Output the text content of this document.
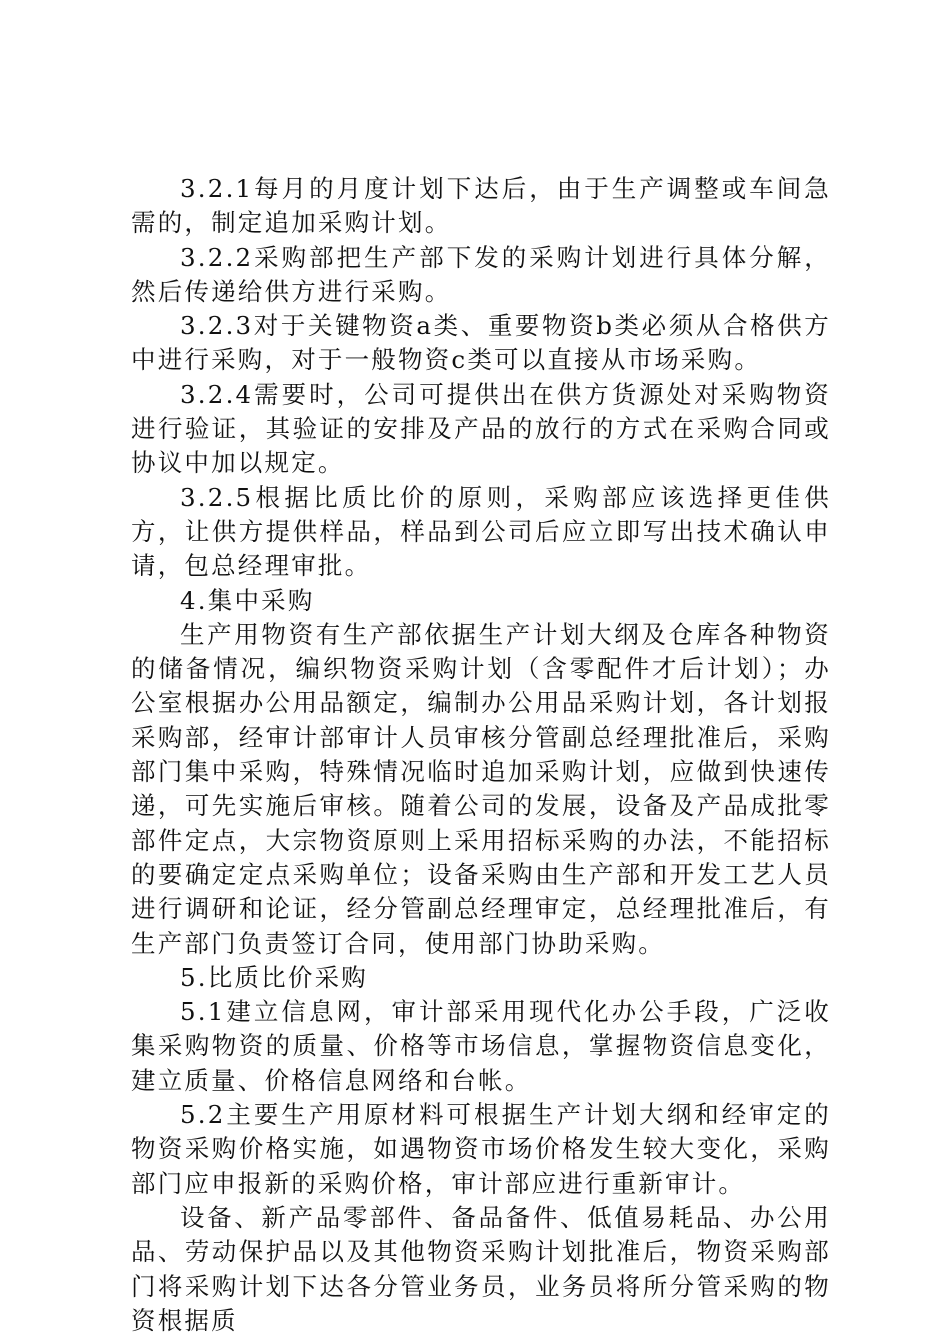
3.2.1每月的月度计划下达后，由于生产调整或车间急需的，制定追加采购计划。

3.2.2采购部把生产部下发的采购计划进行具体分解，然后传递给供方进行采购。

3.2.3对于关键物资a类、重要物资b类必须从合格供方中进行采购，对于一般物资c类可以直接从市场采购。

3.2.4需要时，公司可提供出在供方货源处对采购物资进行验证，其验证的安排及产品的放行的方式在采购合同或协议中加以规定。

3.2.5根据比质比价的原则，采购部应该选择更佳供方，让供方提供样品，样品到公司后应立即写出技术确认申请，包总经理审批。

4.集中采购

生产用物资有生产部依据生产计划大纲及仓库各种物资的储备情况，编织物资采购计划（含零配件才后计划）；办公室根据办公用品额定，编制办公用品采购计划，各计划报采购部，经审计部审计人员审核分管副总经理批准后，采购部门集中采购，特殊情况临时追加采购计划，应做到快速传递，可先实施后审核。随着公司的发展，设备及产品成批零部件定点，大宗物资原则上采用招标采购的办法，不能招标的要确定定点采购单位；设备采购由生产部和开发工艺人员进行调研和论证，经分管副总经理审定，总经理批准后，有生产部门负责签订合同，使用部门协助采购。

5.比质比价采购

5.1建立信息网，审计部采用现代化办公手段，广泛收集采购物资的质量、价格等市场信息，掌握物资信息变化，建立质量、价格信息网络和台帐。

5.2主要生产用原材料可根据生产计划大纲和经审定的物资采购价格实施，如遇物资市场价格发生较大变化，采购部门应申报新的采购价格，审计部应进行重新审计。

设备、新产品零部件、备品备件、低值易耗品、办公用品、劳动保护品以及其他物资采购计划批准后，物资采购部门将采购计划下达各分管业务员，业务员将所分管采购的物资根据质
